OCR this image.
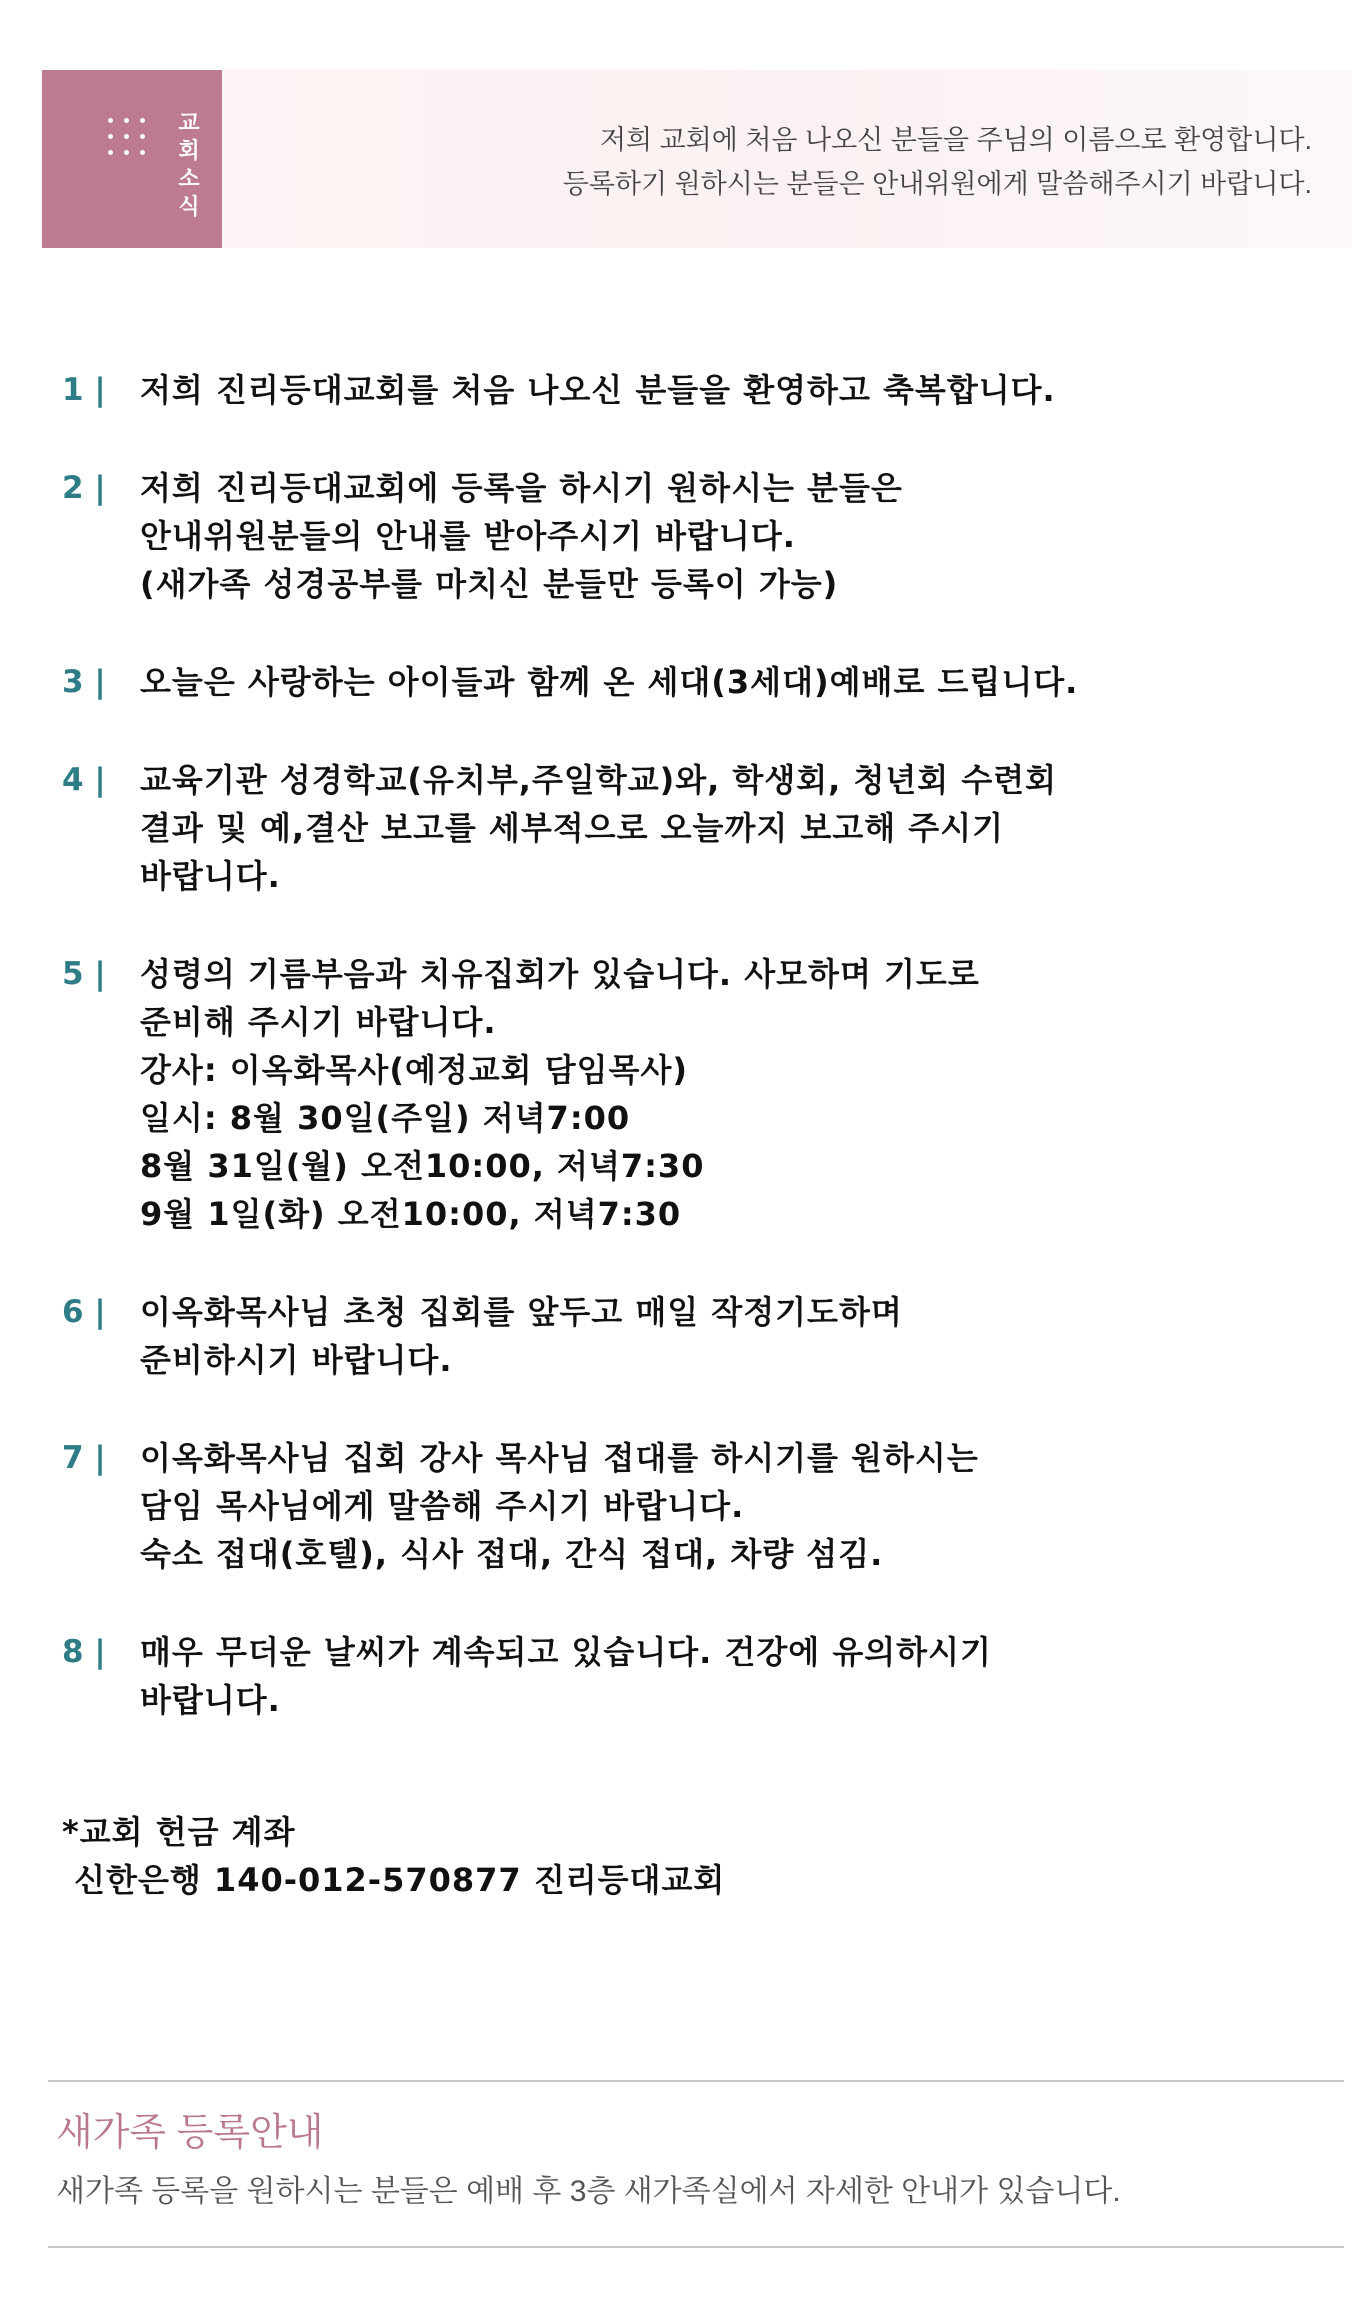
교회소식
저희 교회에 처음 나오신 분들을 주님의 이름으로 환영합니다.
등록하기 원하시는 분들은 안내위원에게 말씀해주시기 바랍니다.
1 | 저희 진리등대교회를 처음 나오신 분들을 환영하고 축복합니다.
2 | 저희 진리등대교회에 등록을 하시기 원하시는 분들은
안내위원분들의 안내를 받아주시기 바랍니다.
(새가족 성경공부를 마치신 분들만 등록이 가능)
3 | 오늘은 사랑하는 아이들과 함께 온 세대(3세대)예배로 드립니다.
4 | 교육기관 성경학교(유치부,주일학교)와, 학생회, 청년회 수련회
결과 및 예,결산 보고를 세부적으로 오늘까지 보고해 주시기
바랍니다.
5 | 성령의 기름부음과 치유집회가 있습니다. 사모하며 기도로
준비해 주시기 바랍니다.
강사: 이옥화목사(예정교회 담임목사)
일시: 8월 30일(주일) 저녁7:00
8월 31일(월) 오전10:00, 저녁7:30
9월 1일(화) 오전10:00, 저녁7:30
6 | 이옥화목사님 초청 집회를 앞두고 매일 작정기도하며
준비하시기 바랍니다.
7 | 이옥화목사님 집회 강사 목사님 접대를 하시기를 원하시는
담임 목사님에게 말씀해 주시기 바랍니다.
숙소 접대(호텔), 식사 접대, 간식 접대, 차량 섬김.
8 | 매우 무더운 날씨가 계속되고 있습니다. 건강에 유의하시기
바랍니다.
*교회 헌금 계좌
신한은행 140-012-570877 진리등대교회
새가족 등록안내
새가족 등록을 원하시는 분들은 예배 후 3층 새가족실에서 자세한 안내가 있습니다.
